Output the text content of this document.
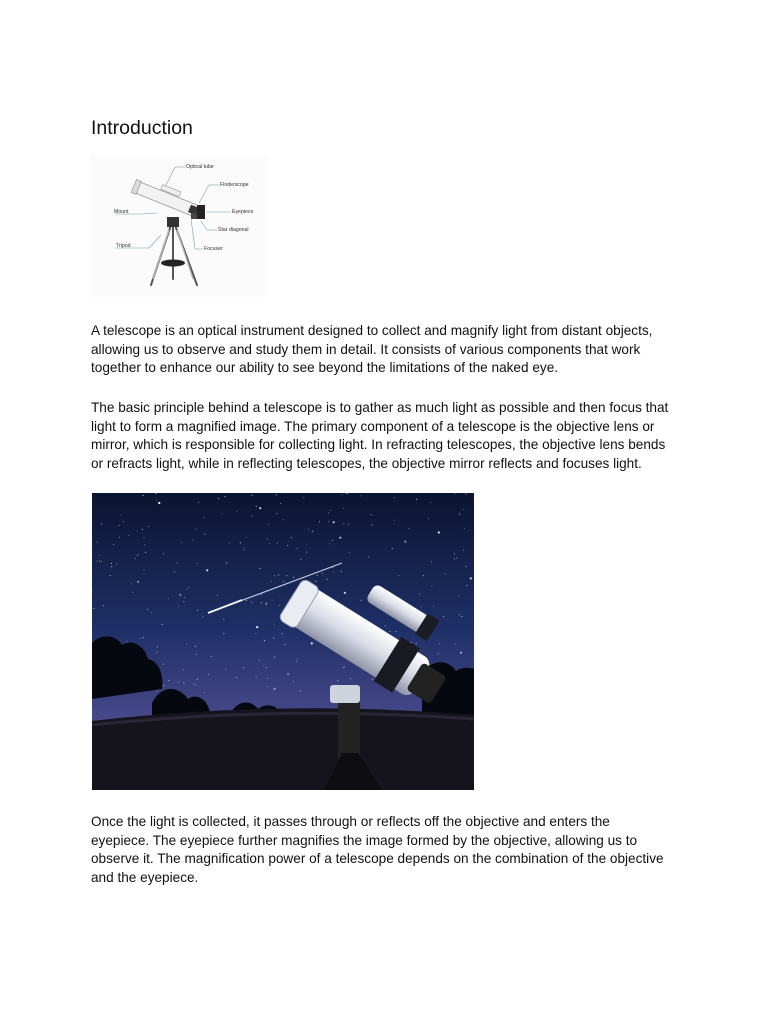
Introduction
Optical tube
Finderscope
Mount	Eyepiece
Star diagonal
Tripod	Focuser

A telescope is an optical instrument designed to collect and magnify light from distant objects,
allowing us to observe and study them in detail. It consists of various components that work
together to enhance our ability to see beyond the limitations of the naked eye.

The basic principle behind a telescope is to gather as much light as possible and then focus that
light to form a magnified image. The primary component of a telescope is the objective lens or
mirror, which is responsible for collecting light. In refracting telescopes, the objective lens bends
or refracts light, while in reflecting telescopes, the objective mirror reflects and focuses light.

Once the light is collected, it passes through or reflects off the objective and enters the
eyepiece. The eyepiece further magnifies the image formed by the objective, allowing us to
observe it. The magnification power of a telescope depends on the combination of the objective
and the eyepiece.
